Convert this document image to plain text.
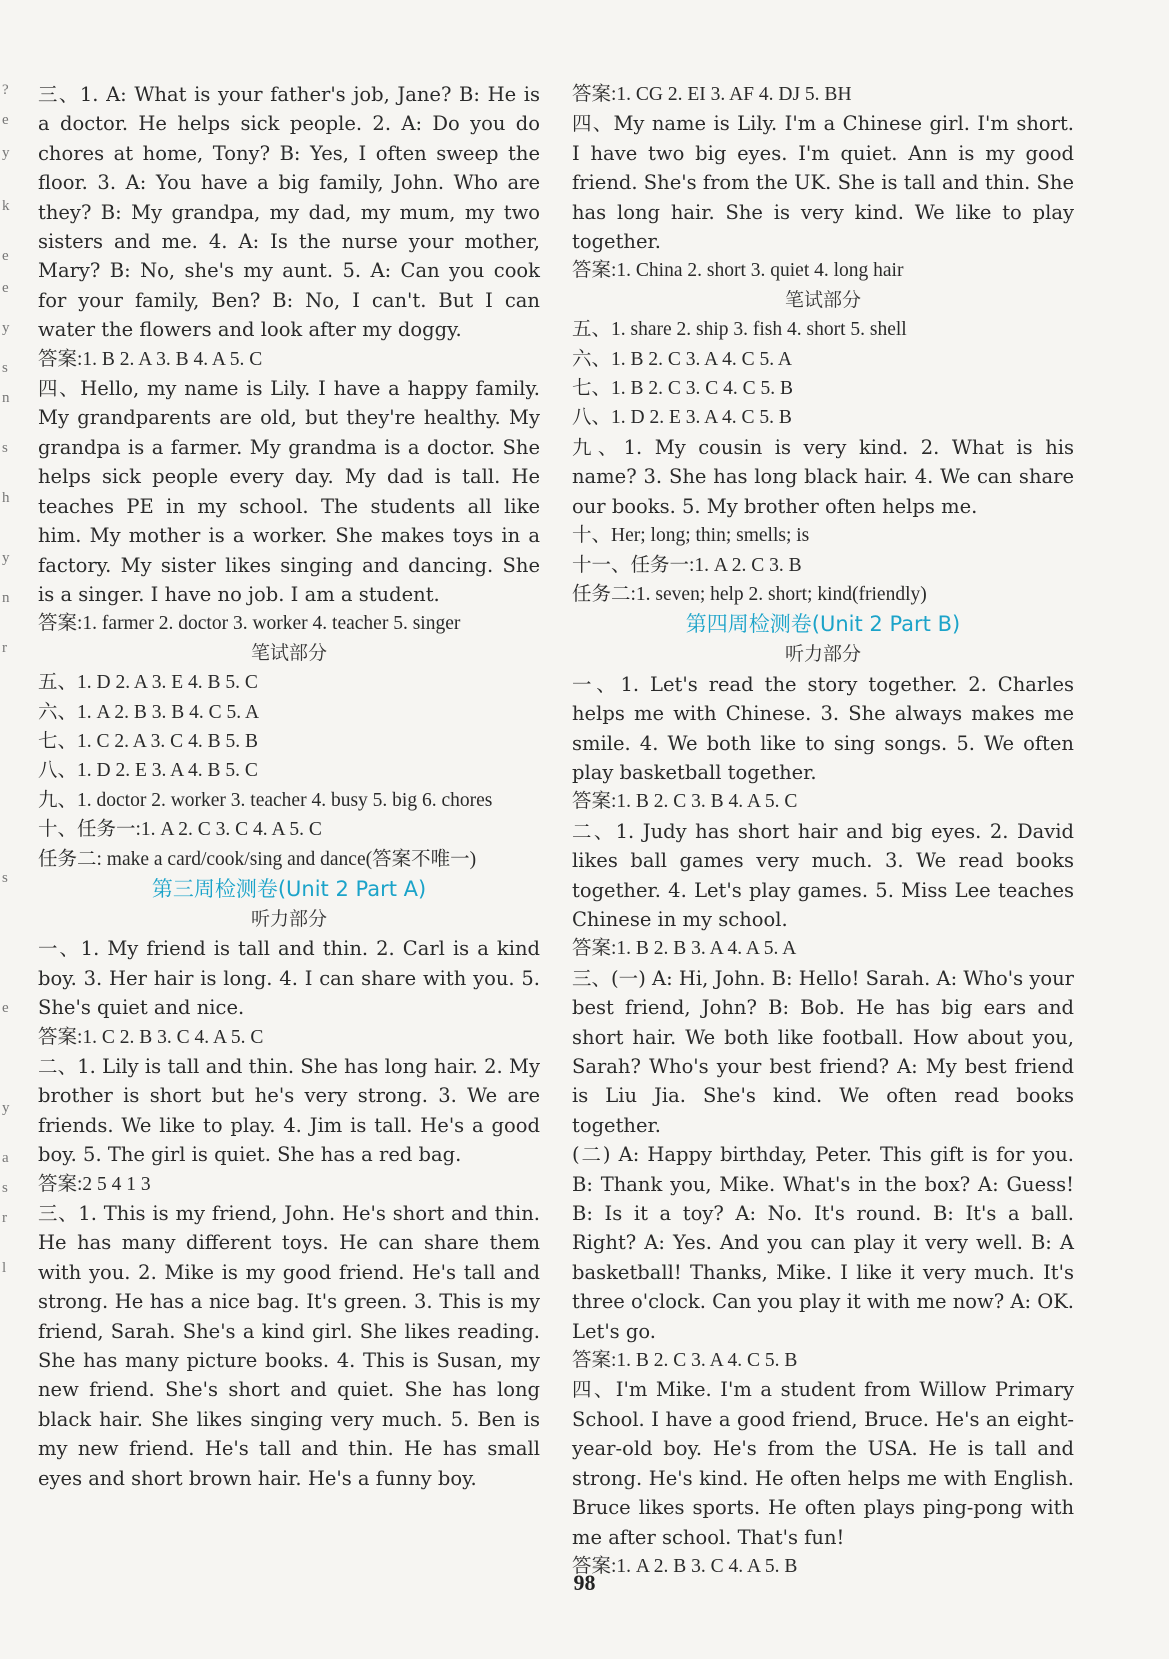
?
e
y
k
e
e
y
s
n
s
h
y
n
r
s
e
y
a
s
r
l

三、1. A: What is your father's job, Jane? B: He is a doctor. He helps sick people. 2. A: Do you do chores at home, Tony? B: Yes, I often sweep the floor. 3. A: You have a big family, John. Who are they? B: My grandpa, my dad, my mum, my two sisters and me. 4. A: Is the nurse your mother, Mary? B: No, she's my aunt. 5. A: Can you cook for your family, Ben? B: No, I can't. But I can water the flowers and look after my doggy.

答案:1. B 2. A 3. B 4. A 5. C

四、Hello, my name is Lily. I have a happy family. My grandparents are old, but they're healthy. My grandpa is a farmer. My grandma is a doctor. She helps sick people every day. My dad is tall. He teaches PE in my school. The students all like him. My mother is a worker. She makes toys in a factory. My sister likes singing and dancing. She is a singer. I have no job. I am a student.

答案:1. farmer 2. doctor 3. worker 4. teacher 5. singer

笔试部分

五、1. D 2. A 3. E 4. B 5. C

六、1. A 2. B 3. B 4. C 5. A

七、1. C 2. A 3. C 4. B 5. B

八、1. D 2. E 3. A 4. B 5. C

九、1. doctor 2. worker 3. teacher 4. busy 5. big 6. chores

十、任务一:1. A 2. C 3. C 4. A 5. C

任务二: make a card/cook/sing and dance(答案不唯一)

第三周检测卷(Unit 2 Part A)
听力部分

一、1. My friend is tall and thin. 2. Carl is a kind boy. 3. Her hair is long. 4. I can share with you. 5. She's quiet and nice.

答案:1. C 2. B 3. C 4. A 5. C

二、1. Lily is tall and thin. She has long hair. 2. My brother is short but he's very strong. 3. We are friends. We like to play. 4. Jim is tall. He's a good boy. 5. The girl is quiet. She has a red bag.

答案:2 5 4 1 3

三、1. This is my friend, John. He's short and thin. He has many different toys. He can share them with you. 2. Mike is my good friend. He's tall and strong. He has a nice bag. It's green. 3. This is my friend, Sarah. She's a kind girl. She likes reading. She has many picture books. 4. This is Susan, my new friend. She's short and quiet. She has long black hair. She likes singing very much. 5. Ben is my new friend. He's tall and thin. He has small eyes and short brown hair. He's a funny boy.

答案:1. CG 2. EI 3. AF 4. DJ 5. BH

四、My name is Lily. I'm a Chinese girl. I'm short. I have two big eyes. I'm quiet. Ann is my good friend. She's from the UK. She is tall and thin. She has long hair. She is very kind. We like to play together.

答案:1. China 2. short 3. quiet 4. long hair

笔试部分

五、1. share 2. ship 3. fish 4. short 5. shell

六、1. B 2. C 3. A 4. C 5. A

七、1. B 2. C 3. C 4. C 5. B

八、1. D 2. E 3. A 4. C 5. B

九、1. My cousin is very kind. 2. What is his name? 3. She has long black hair. 4. We can share our books. 5. My brother often helps me.

十、Her; long; thin; smells; is

十一、任务一:1. A 2. C 3. B

任务二:1. seven; help 2. short; kind(friendly)

第四周检测卷(Unit 2 Part B)
听力部分

一、1. Let's read the story together. 2. Charles helps me with Chinese. 3. She always makes me smile. 4. We both like to sing songs. 5. We often play basketball together.

答案:1. B 2. C 3. B 4. A 5. C

二、1. Judy has short hair and big eyes. 2. David likes ball games very much. 3. We read books together. 4. Let's play games. 5. Miss Lee teaches Chinese in my school.

答案:1. B 2. B 3. A 4. A 5. A

三、(一) A: Hi, John. B: Hello! Sarah. A: Who's your best friend, John? B: Bob. He has big ears and short hair. We both like football. How about you, Sarah? Who's your best friend? A: My best friend is Liu Jia. She's kind. We often read books together.

(二) A: Happy birthday, Peter. This gift is for you. B: Thank you, Mike. What's in the box? A: Guess! B: Is it a toy? A: No. It's round. B: It's a ball. Right? A: Yes. And you can play it very well. B: A basketball! Thanks, Mike. I like it very much. It's three o'clock. Can you play it with me now? A: OK. Let's go.

答案:1. B 2. C 3. A 4. C 5. B

四、I'm Mike. I'm a student from Willow Primary School. I have a good friend, Bruce. He's an eight-year-old boy. He's from the USA. He is tall and strong. He's kind. He often helps me with English. Bruce likes sports. He often plays ping-pong with me after school. That's fun!

答案:1. A 2. B 3. C 4. A 5. B

98
